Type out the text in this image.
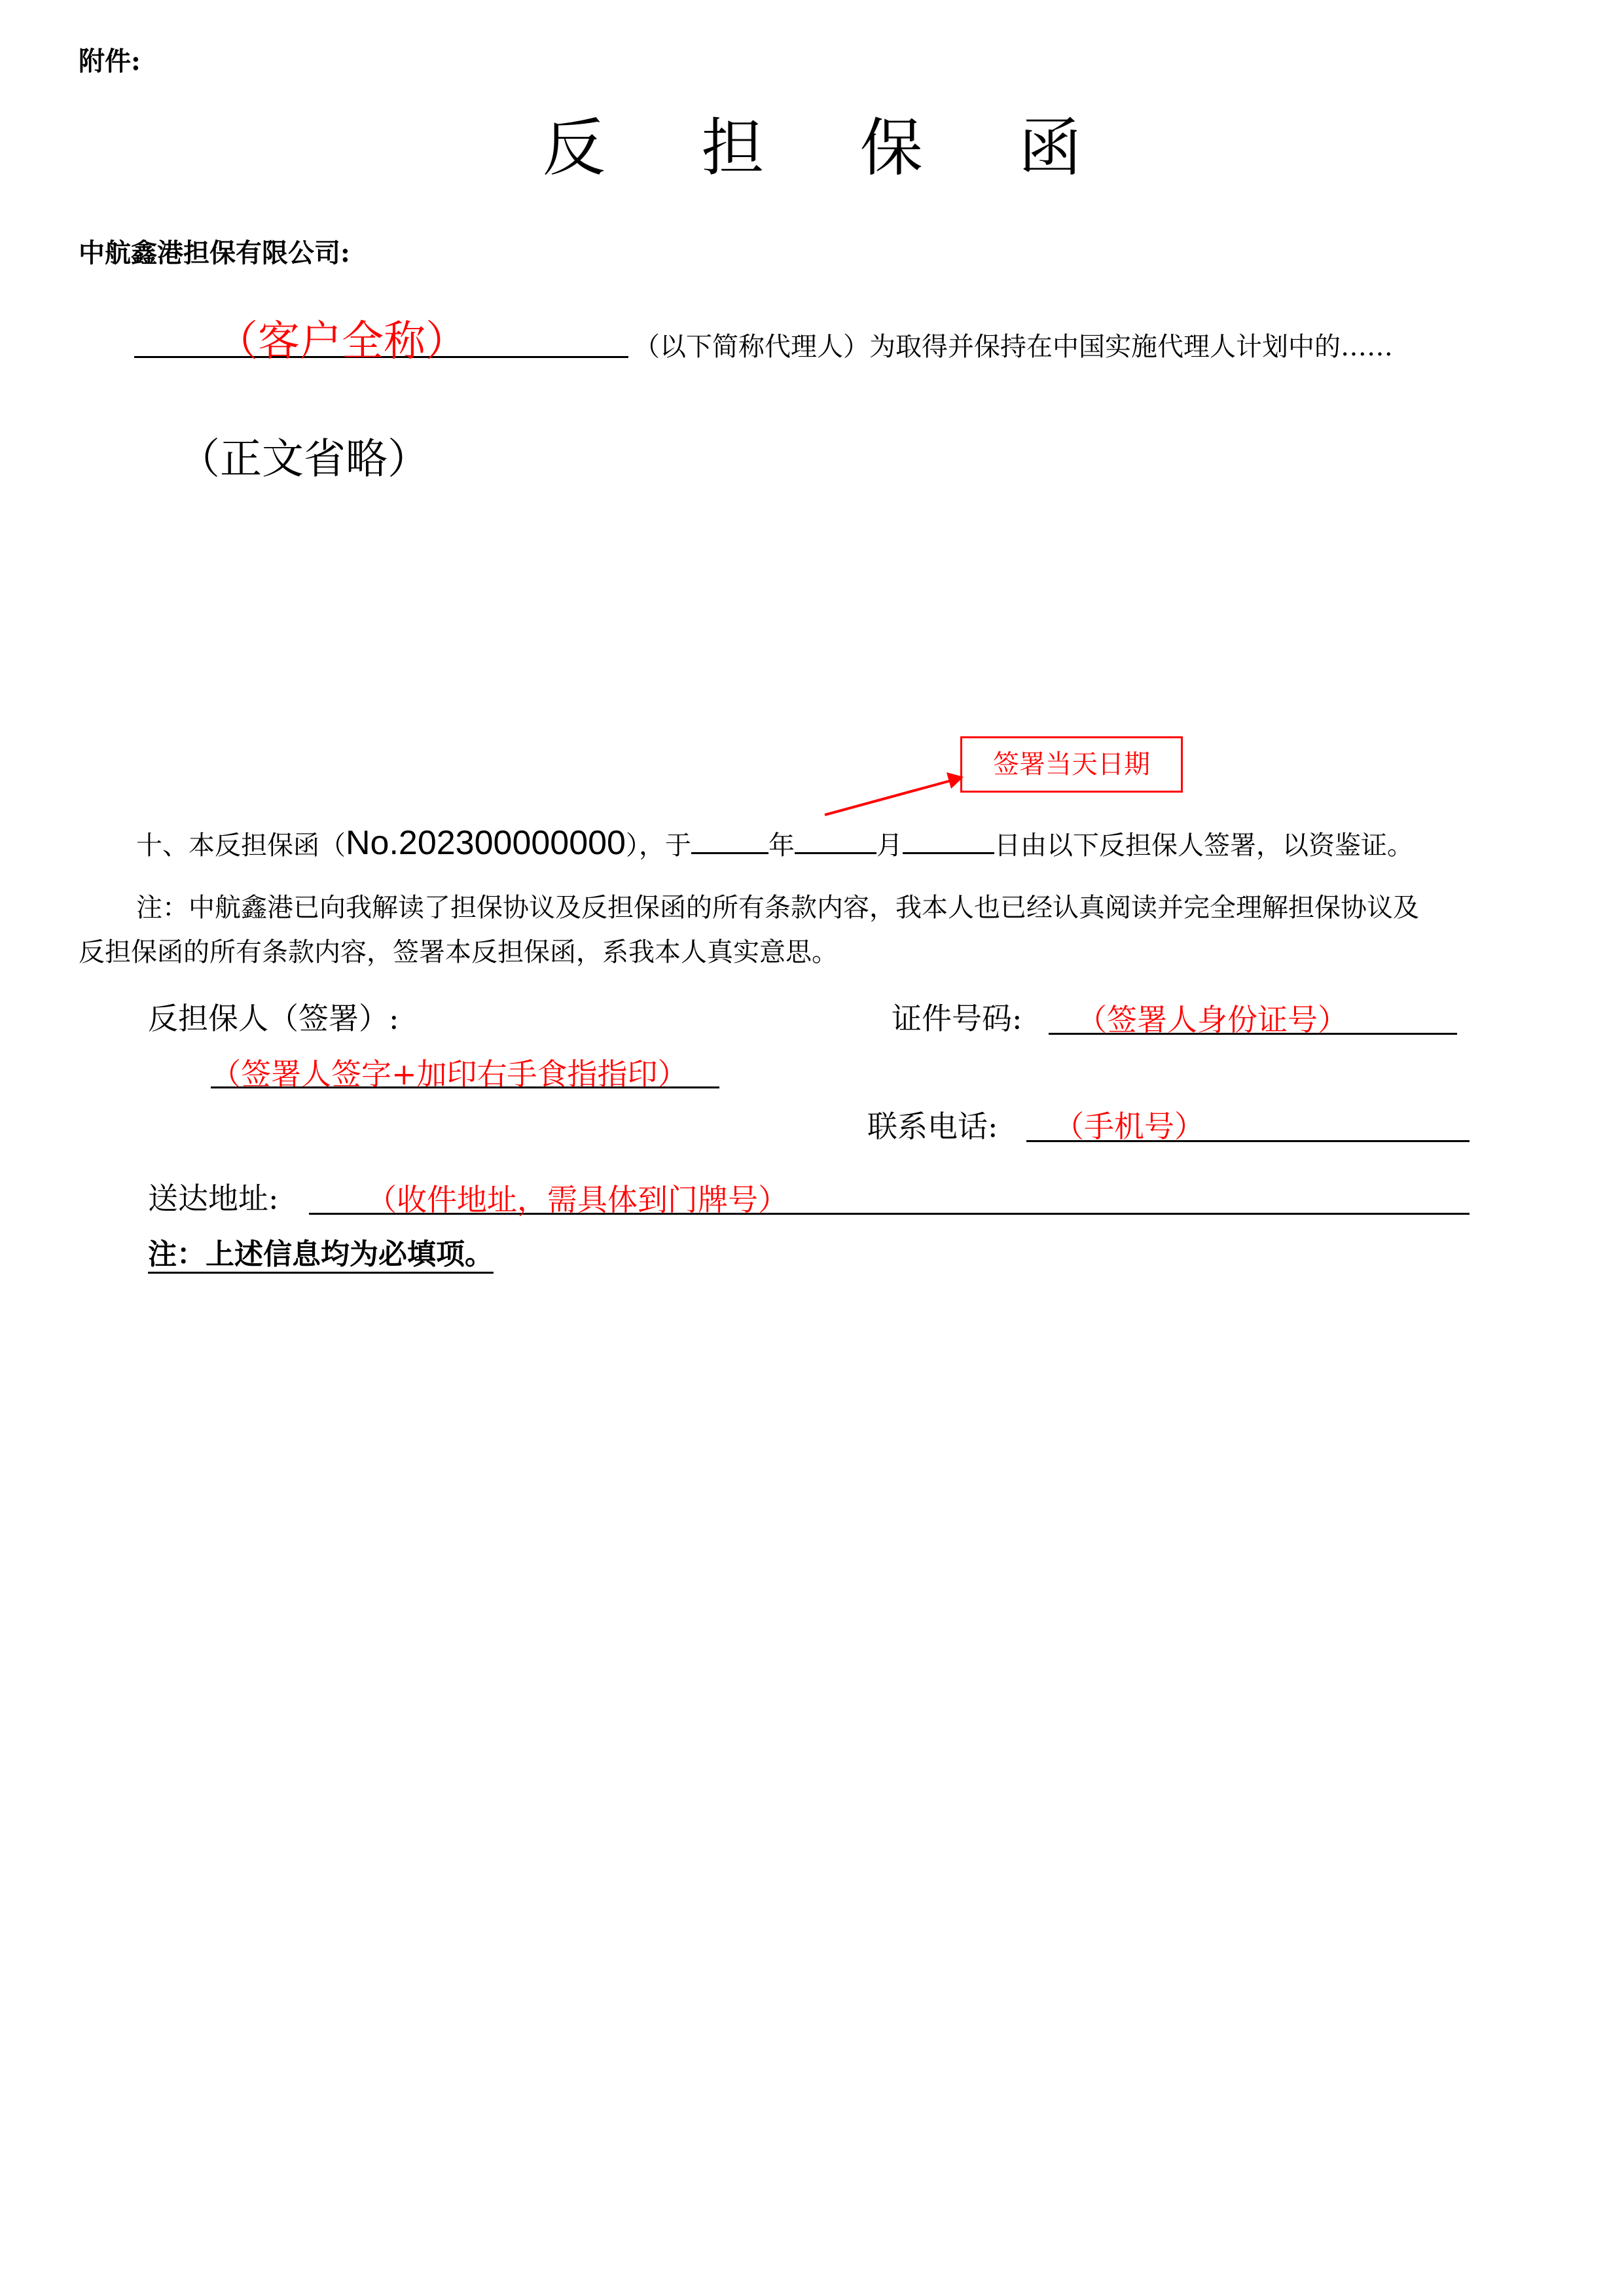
附件:
反 担 保 函
中航鑫港担保有限公司:
（客户全称）	（以下简称代理人）为取得并保持在中国实施代理人计划中的……
（正文省略）
签署当天日期
十、本反担保函（No.202300000000），于	年	月	日由以下反担保人签署，以资鉴证。
注：中航鑫港已向我解读了担保协议及反担保函的所有条款内容，我本人也已经认真阅读并完全理解担保协议及
反担保函的所有条款内容，签署本反担保函，系我本人真实意思。
反担保人（签署）:	证件号码: （签署人身份证号）
（签署人签字+加印右手食指指印）
联系电话: （手机号）
送达地址:	（收件地址，需具体到门牌号）
注：上述信息均为必填项。
